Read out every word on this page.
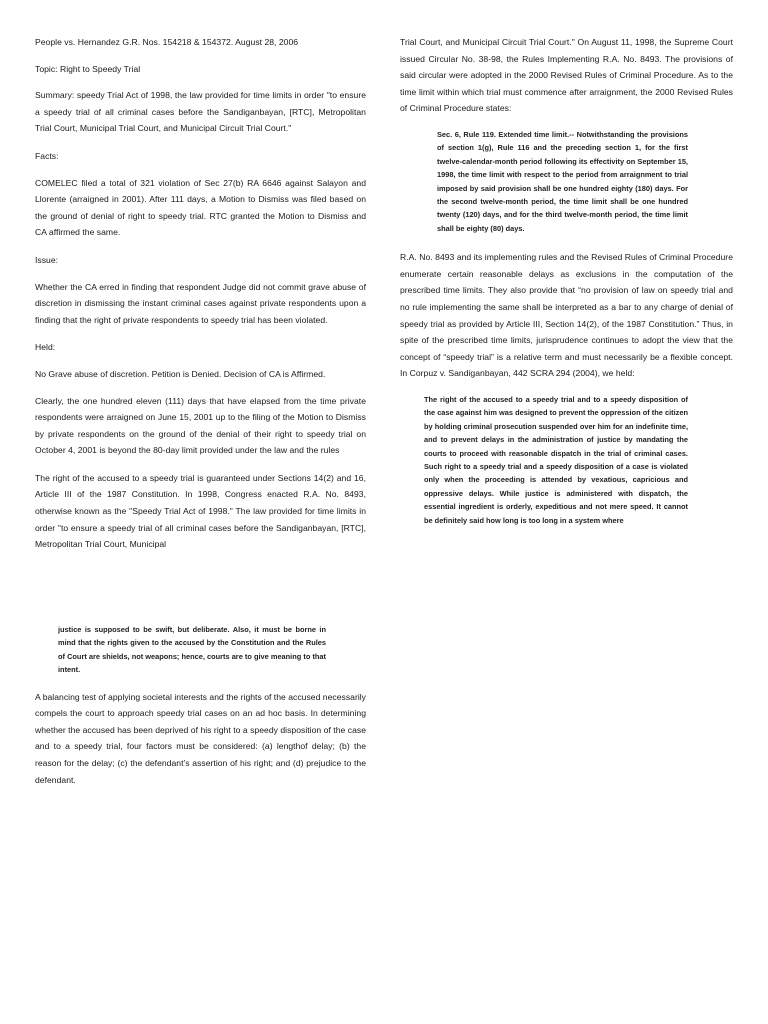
People vs. Hernandez G.R. Nos. 154218 & 154372. August 28, 2006

Topic: Right to Speedy Trial

Summary: speedy Trial Act of 1998, the law provided for time limits in order "to ensure a speedy trial of all criminal cases before the Sandiganbayan, [RTC], Metropolitan Trial Court, Municipal Trial Court, and Municipal Circuit Trial Court."

Facts:

COMELEC filed a total of 321 violation of Sec 27(b) RA 6646 against Salayon and Llorente (arraigned in 2001). After 111 days, a Motion to Dismiss was filed based on the ground of denial of right to speedy trial. RTC granted the Motion to Dismiss and CA affirmed the same.

Issue:

Whether the CA erred in finding that respondent Judge did not commit grave abuse of discretion in dismissing the instant criminal cases against private respondents upon a finding that the right of private respondents to speedy trial has been violated.

Held:

No Grave abuse of discretion. Petition is Denied. Decision of CA is Affirmed.

Clearly, the one hundred eleven (111) days that have elapsed from the time private respondents were arraigned on June 15, 2001 up to the filing of the Motion to Dismiss by private respondents on the ground of the denial of their right to speedy trial on October 4, 2001 is beyond the 80-day limit provided under the law and the rules

The right of the accused to a speedy trial is guaranteed under Sections 14(2) and 16, Article III of the 1987 Constitution. In 1998, Congress enacted R.A. No. 8493, otherwise known as the "Speedy Trial Act of 1998." The law provided for time limits in order "to ensure a speedy trial of all criminal cases before the Sandiganbayan, [RTC], Metropolitan Trial Court, Municipal

justice is supposed to be swift, but deliberate. Also, it must be borne in mind that the rights given to the accused by the Constitution and the Rules of Court are shields, not weapons; hence, courts are to give meaning to that intent.

A balancing test of applying societal interests and the rights of the accused necessarily compels the court to approach speedy trial cases on an ad hoc basis. In determining whether the accused has been deprived of his right to a speedy disposition of the case and to a speedy trial, four factors must be considered: (a) lengthof delay; (b) the reason for the delay; (c) the defendant’s assertion of his right; and (d) prejudice to the defendant.

Trial Court, and Municipal Circuit Trial Court." On August 11, 1998, the Supreme Court issued Circular No. 38-98, the Rules Implementing R.A. No. 8493. The provisions of said circular were adopted in the 2000 Revised Rules of Criminal Procedure. As to the time limit within which trial must commence after arraignment, the 2000 Revised Rules of Criminal Procedure states:

Sec. 6, Rule 119. Extended time limit.-- Notwithstanding the provisions of section 1(g), Rule 116 and the preceding section 1, for the first twelve-calendar-month period following its effectivity on September 15, 1998, the time limit with respect to the period from arraignment to trial imposed by said provision shall be one hundred eighty (180) days. For the second twelve-month period, the time limit shall be one hundred twenty (120) days, and for the third twelve-month period, the time limit shall be eighty (80) days.

R.A. No. 8493 and its implementing rules and the Revised Rules of Criminal Procedure enumerate certain reasonable delays as exclusions in the computation of the prescribed time limits. They also provide that “no provision of law on speedy trial and no rule implementing the same shall be interpreted as a bar to any charge of denial of speedy trial as provided by Article III, Section 14(2), of the 1987 Constitution.” Thus, in spite of the prescribed time limits, jurisprudence continues to adopt the view that the concept of “speedy trial” is a relative term and must necessarily be a flexible concept. In Corpuz v. Sandiganbayan, 442 SCRA 294 (2004), we held:

The right of the accused to a speedy trial and to a speedy disposition of the case against him was designed to prevent the oppression of the citizen by holding criminal prosecution suspended over him for an indefinite time, and to prevent delays in the administration of justice by mandating the courts to proceed with reasonable dispatch in the trial of criminal cases. Such right to a speedy trial and a speedy disposition of a case is violated only when the proceeding is attended by vexatious, capricious and oppressive delays. While justice is administered with dispatch, the essential ingredient is orderly, expeditious and not mere speed. It cannot be definitely said how long is too long in a system where
